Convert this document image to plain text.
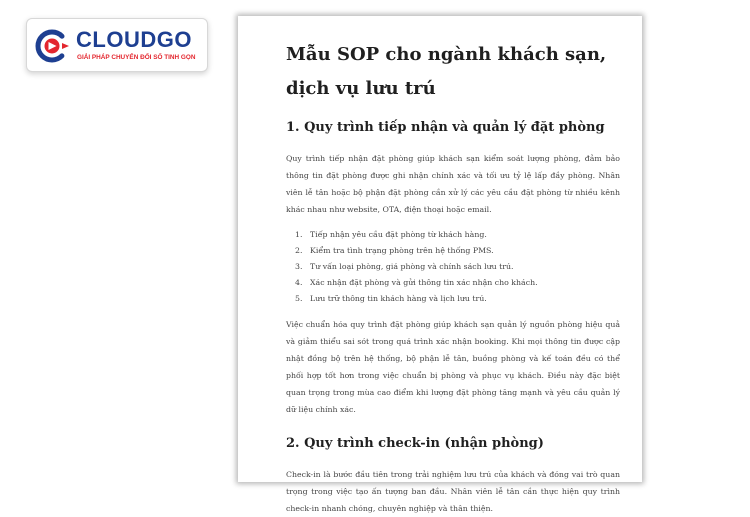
CLOUDGO
GIẢI PHÁP CHUYỂN ĐỔI SỐ TINH GỌN	Mẫu SOP cho ngành khách sạn, dịch vụ lưu trú
1. Quy trình tiếp nhận và quản lý đặt phòng

Quy trình tiếp nhận đặt phòng giúp khách sạn kiểm soát lượng phòng, đảm bảo thông tin đặt phòng được ghi nhận chính xác và tối ưu tỷ lệ lấp đầy phòng. Nhân viên lễ tân hoặc bộ phận đặt phòng cần xử lý các yêu cầu đặt phòng từ nhiều kênh khác nhau như website, OTA, điện thoại hoặc email.

1. Tiếp nhận yêu cầu đặt phòng từ khách hàng.
2. Kiểm tra tình trạng phòng trên hệ thống PMS.
3. Tư vấn loại phòng, giá phòng và chính sách lưu trú.
4. Xác nhận đặt phòng và gửi thông tin xác nhận cho khách.
5. Lưu trữ thông tin khách hàng và lịch lưu trú.

Việc chuẩn hóa quy trình đặt phòng giúp khách sạn quản lý nguồn phòng hiệu quả và giảm thiểu sai sót trong quá trình xác nhận booking. Khi mọi thông tin được cập nhật đồng bộ trên hệ thống, bộ phận lễ tân, buồng phòng và kế toán đều có thể phối hợp tốt hơn trong việc chuẩn bị phòng và phục vụ khách. Điều này đặc biệt quan trọng trong mùa cao điểm khi lượng đặt phòng tăng mạnh và yêu cầu quản lý dữ liệu chính xác.

2. Quy trình check-in (nhận phòng)

Check-in là bước đầu tiên trong trải nghiệm lưu trú của khách và đóng vai trò quan trọng trong việc tạo ấn tượng ban đầu. Nhân viên lễ tân cần thực hiện quy trình check-in nhanh chóng, chuyên nghiệp và thân thiện.
